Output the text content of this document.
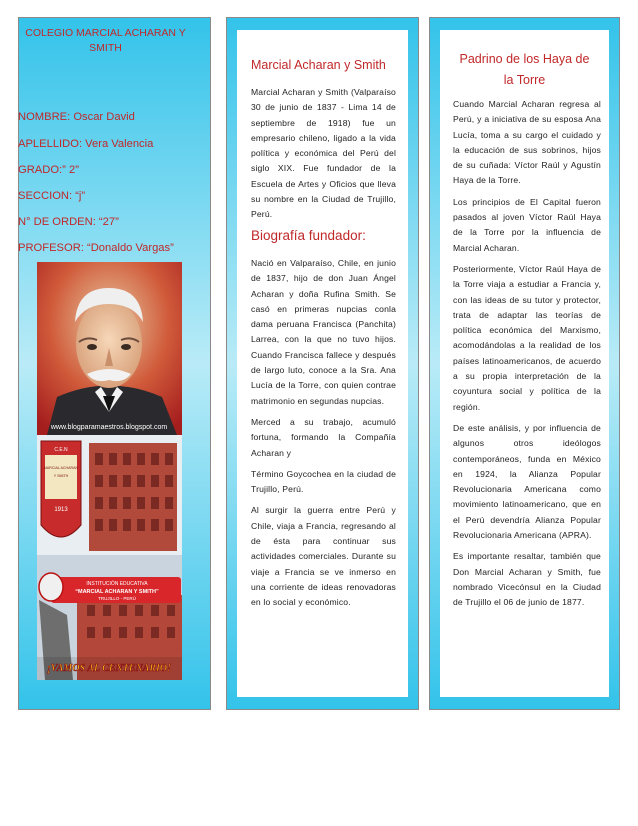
COLEGIO MARCIAL ACHARAN Y
SMITH
NOMBRE: Oscar David
APLELLIDO: Vera Valencia
GRADO:” 2”
SECCION: “j”
N° DE ORDEN: “27”
PROFESOR: “Donaldo Vargas”
www.blogparamaestros.blogspot.com
C.E.N
MARCIAL ACHARAN
Y SMITH
1913
INSTITUCIÓN EDUCATIVA
“MARCIAL ACHARAN Y SMITH”
TRUJILLO - PERÚ
¡VAMOS AL CENTENARIO!
Marcial Acharan y Smith
Marcial Acharan y Smith (Valparaíso 30 de junio de 1837 - Lima 14 de septiembre de 1918) fue un empresario chileno, ligado a la vida política y económica del Perú del siglo XIX. Fue fundador de la Escuela de Artes y Oficios que lleva su nombre en la Ciudad de Trujillo, Perú.
Biografía fundador:

Nació en Valparaíso, Chile, en junio de 1837, hijo de don Juan Ángel Acharan y doña Rufina Smith. Se casó en primeras nupcias conla dama peruana Francisca (Panchita) Larrea, con la que no tuvo hijos. Cuando Francisca fallece y después de largo luto, conoce a la Sra. Ana Lucía de la Torre, con quien contrae matrimonio en segundas nupcias.

Merced a su trabajo, acumuló fortuna, formando la Compañía Acharan y

Término Goycochea en la ciudad de Trujillo, Perú.

Al surgir la guerra entre Perú y Chile, viaja a Francia, regresando al de ésta para continuar sus actividades comerciales. Durante su viaje a Francia se ve inmerso en una corriente de ideas renovadoras en lo social y económico.

Padrino de los Haya de
la Torre

Cuando Marcial Acharan regresa al Perú, y a iniciativa de su esposa Ana Lucía, toma a su cargo el cuidado y la educación de sus sobrinos, hijos de su cuñada: Víctor Raúl y Agustín Haya de la Torre.

Los principios de El Capital fueron pasados al joven Víctor Raúl Haya de la Torre por la influencia de Marcial Acharan.

Posteriormente, Víctor Raúl Haya de la Torre viaja a estudiar a Francia y, con las ideas de su tutor y protector, trata de adaptar las teorías de política económica del Marxismo, acomodándolas a la realidad de los países latinoamericanos, de acuerdo a su propia interpretación de la coyuntura social y política de la región.

De este análisis, y por influencia de algunos otros ideólogos contemporáneos, funda en México en 1924, la Alianza Popular Revolucionaria Americana como movimiento latinoamericano, que en el Perú devendría Alianza Popular Revolucionaria Americana (APRA).

Es importante resaltar, también que Don Marcial Acharan y Smith, fue nombrado Vicecónsul en la Ciudad de Trujillo el 06 de junio de 1877.
